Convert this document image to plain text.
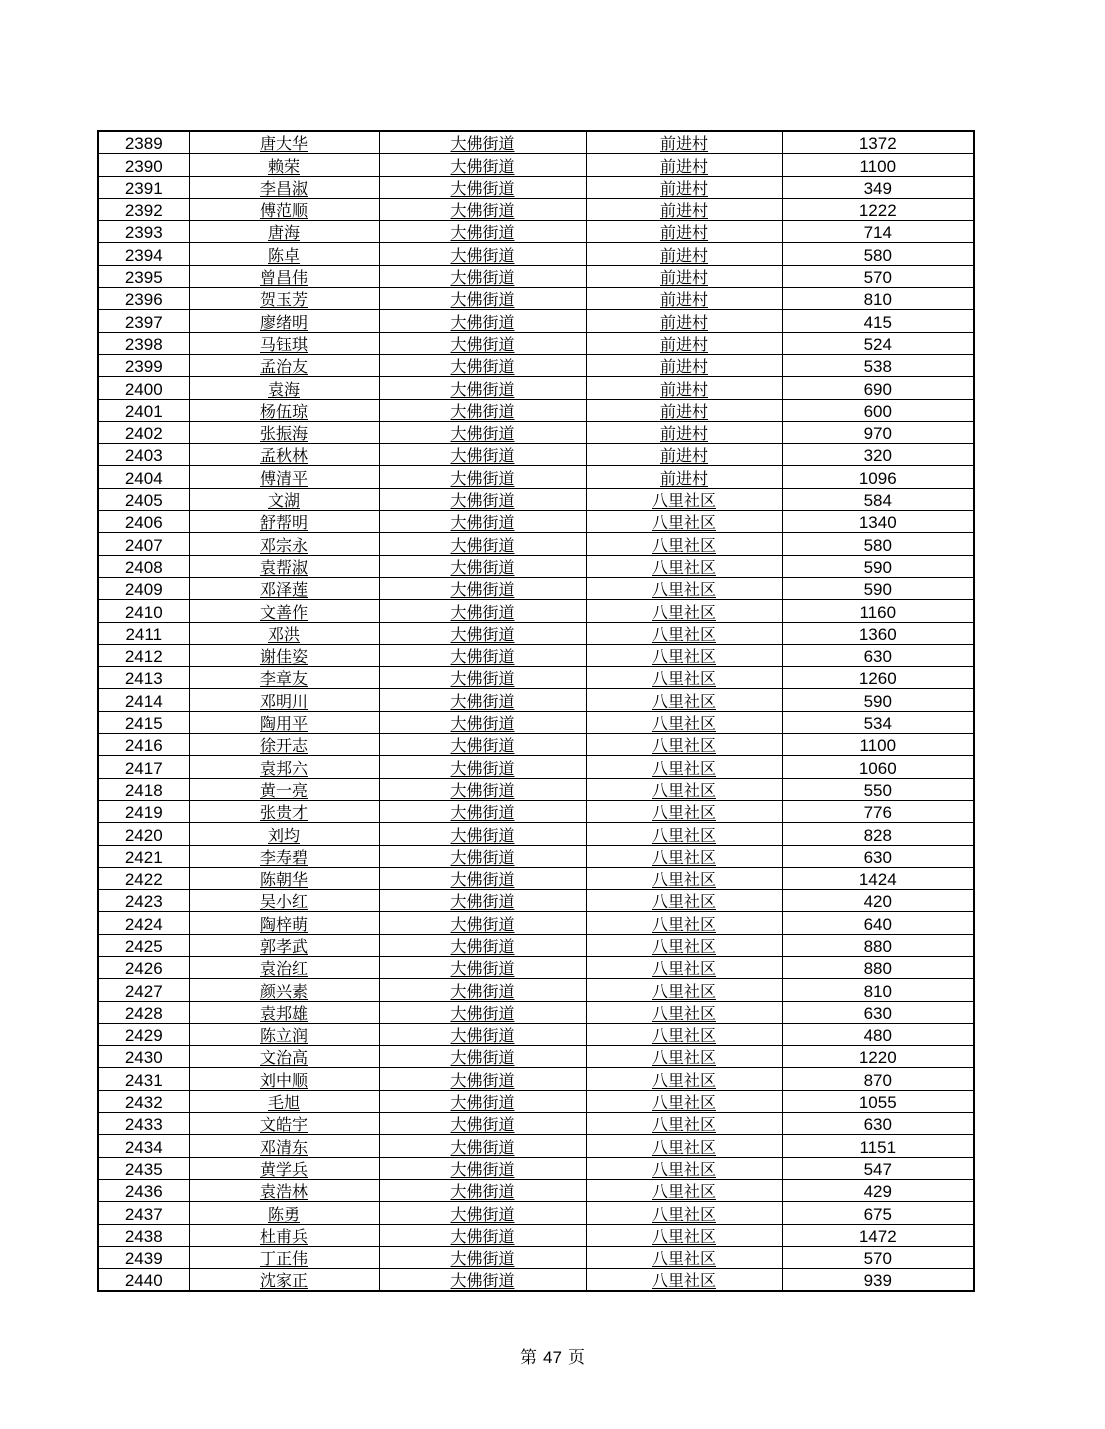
2389	唐大华	大佛街道	前进村	1372
2390	赖荣	大佛街道	前进村	1100
2391	李昌淑	大佛街道	前进村	349
2392	傅范顺	大佛街道	前进村	1222
2393	唐海	大佛街道	前进村	714
2394	陈卓	大佛街道	前进村	580
2395	曾昌伟	大佛街道	前进村	570
2396	贺玉芳	大佛街道	前进村	810
2397	廖绪明	大佛街道	前进村	415
2398	马钰琪	大佛街道	前进村	524
2399	孟治友	大佛街道	前进村	538
2400	袁海	大佛街道	前进村	690
2401	杨伍琼	大佛街道	前进村	600
2402	张振海	大佛街道	前进村	970
2403	孟秋林	大佛街道	前进村	320
2404	傅清平	大佛街道	前进村	1096
2405	文湖	大佛街道	八里社区	584
2406	舒帮明	大佛街道	八里社区	1340
2407	邓宗永	大佛街道	八里社区	580
2408	袁帮淑	大佛街道	八里社区	590
2409	邓泽莲	大佛街道	八里社区	590
2410	文善作	大佛街道	八里社区	1160
2411	邓洪	大佛街道	八里社区	1360
2412	谢佳姿	大佛街道	八里社区	630
2413	李章友	大佛街道	八里社区	1260
2414	邓明川	大佛街道	八里社区	590
2415	陶用平	大佛街道	八里社区	534
2416	徐开志	大佛街道	八里社区	1100
2417	袁邦六	大佛街道	八里社区	1060
2418	黄一亮	大佛街道	八里社区	550
2419	张贵才	大佛街道	八里社区	776
2420	刘均	大佛街道	八里社区	828
2421	李寿碧	大佛街道	八里社区	630
2422	陈朝华	大佛街道	八里社区	1424
2423	吴小红	大佛街道	八里社区	420
2424	陶梓萌	大佛街道	八里社区	640
2425	郭孝武	大佛街道	八里社区	880
2426	袁治红	大佛街道	八里社区	880
2427	颜兴素	大佛街道	八里社区	810
2428	袁邦雄	大佛街道	八里社区	630
2429	陈立润	大佛街道	八里社区	480
2430	文治高	大佛街道	八里社区	1220
2431	刘中顺	大佛街道	八里社区	870
2432	毛旭	大佛街道	八里社区	1055
2433	文皓宇	大佛街道	八里社区	630
2434	邓清东	大佛街道	八里社区	1151
2435	黄学兵	大佛街道	八里社区	547
2436	袁浩林	大佛街道	八里社区	429
2437	陈勇	大佛街道	八里社区	675
2438	杜甫兵	大佛街道	八里社区	1472
2439	丁正伟	大佛街道	八里社区	570
2440	沈家正	大佛街道	八里社区	939
第 47 页
